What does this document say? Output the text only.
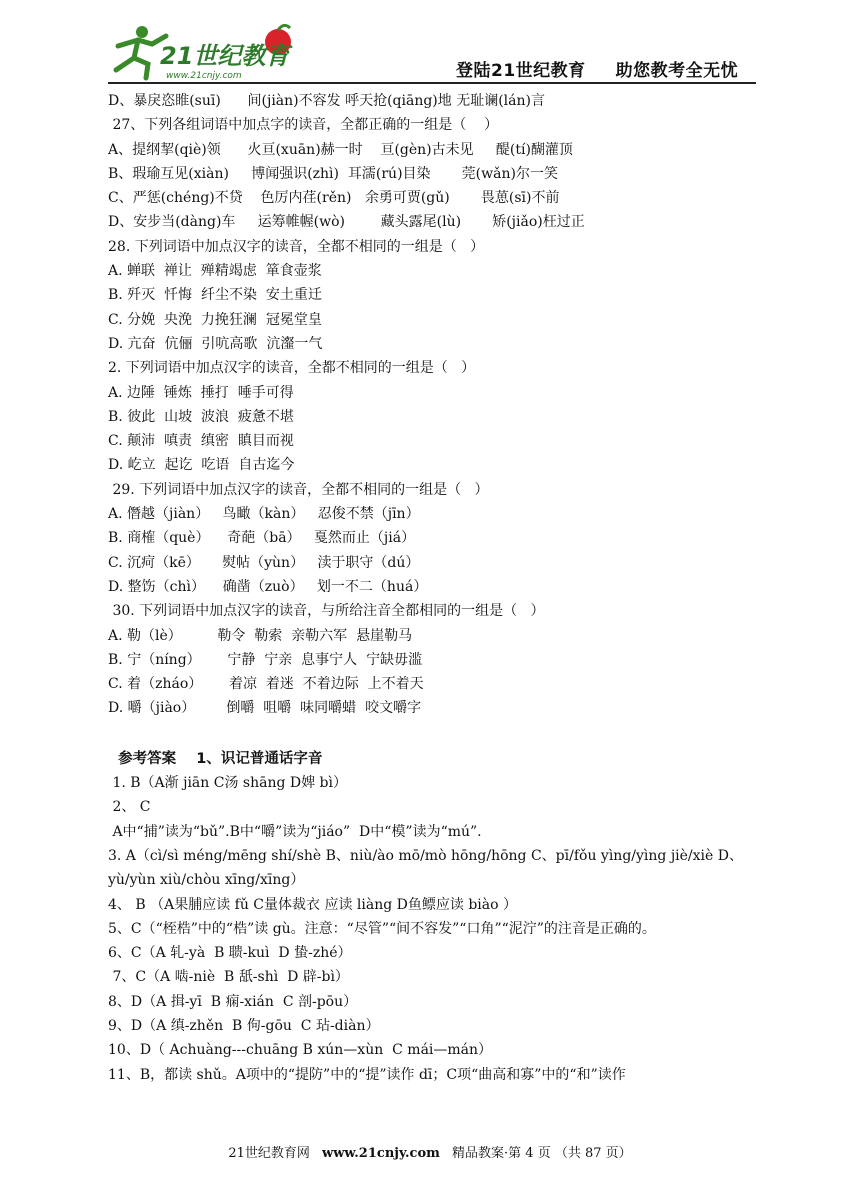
21世纪教育
www.21cnjy.com	登陆21世纪教育 助您教考全无忧
D、暴戾恣睢(suī)      间(jiàn)不容发 呼天抢(qiāng)地 无耻谰(lán)言
27、下列各组词语中加点字的读音，全都正确的一组是（    ）
A、提纲挈(qiè)领      火亘(xuān)赫一时    亘(gèn)古未见     醍(tí)醐灌顶
B、瑕瑜互见(xiàn)     博闻强识(zhì)  耳濡(rú)目染       莞(wǎn)尔一笑
C、严惩(chéng)不贷    色厉内荏(rěn)   余勇可贾(gǔ)       畏葸(sī)不前
D、安步当(dàng)车     运筹帷幄(wò)        藏头露尾(lù)       矫(jiǎo)枉过正
28. 下列词语中加点汉字的读音，全都不相同的一组是（   ）
A. 蝉联  禅让  殚精竭虑  箪食壶浆
B. 歼灭  忏悔  纤尘不染  安土重迁
C. 分娩  央浼  力挽狂澜  冠冕堂皇
D. 亢奋  伉俪  引吭高歌  沆瀣一气
2. 下列词语中加点汉字的读音，全都不相同的一组是（   ）
A. 边陲  锤炼  捶打  唾手可得
B. 彼此  山坡  波浪  疲惫不堪
C. 颠沛  嗔责  缜密  瞋目而视
D. 屹立  起讫  吃语  自古迄今
29. 下列词语中加点汉字的读音，全都不相同的一组是（   ）
A. 僭越（jiàn）   鸟瞰（kàn）   忍俊不禁（jīn）
B. 商榷（què）    奇葩（bā）   戛然而止（jiá）
C. 沉疴（kē）     熨帖（yùn）   渎于职守（dú）
D. 整饬（chì）    确凿（zuò）   划一不二（huá）
30. 下列词语中加点汉字的读音，与所给注音全都相同的一组是（   ）
A. 勒（lè）        勒令  勒索  亲勒六军  悬崖勒马
B. 宁（níng）      宁静  宁亲  息事宁人  宁缺毋滥
C. 着（zháo）      着凉  着迷  不着边际  上不着天
D. 嚼（jiào）       倒嚼  咀嚼  味同嚼蜡  咬文嚼字
参考答案    1、识记普通话字音
1. B（A渐 jiān C汤 shāng D婢 bì）
2、 C
A中“捕”读为“bǔ”.B中“嚼”读为“jiáo”  D中“模”读为“mú”.
3. A（cì/sì méng/mēng shí/shè B、niù/ào mō/mò hōng/hōng C、pī/fǒu yìng/yìng jiè/xiè D、yù/yùn xiù/chòu xīng/xīng）
4、 B （A果脯应读 fǔ C量体裁衣 应读 liàng D鱼鳔应读 biào ）
5、C（“桎梏”中的“梏”读 gù。注意：“尽管”“间不容发”“口角”“泥泞”的注音是正确的。
6、C（A 轧-yà  B 聩-kuì  D 蛰-zhé）
7、C（A 啮-niè  B 舐-shì  D 辟-bì）
8、D（A 揖-yī  B 痫-xián  C 剖-pōu）
9、D（A 缜-zhěn  B 佝-gōu  C 玷-diàn）
10、D（ Achuàng---chuāng B xún—xùn  C mái—mán）
11、B，都读 shǔ。A项中的“提防”中的“提”读作 dī；C项“曲高和寡”中的“和”读作
21世纪教育网 www.21cnjy.com 精品教案·第 4 页 （共 87 页）
